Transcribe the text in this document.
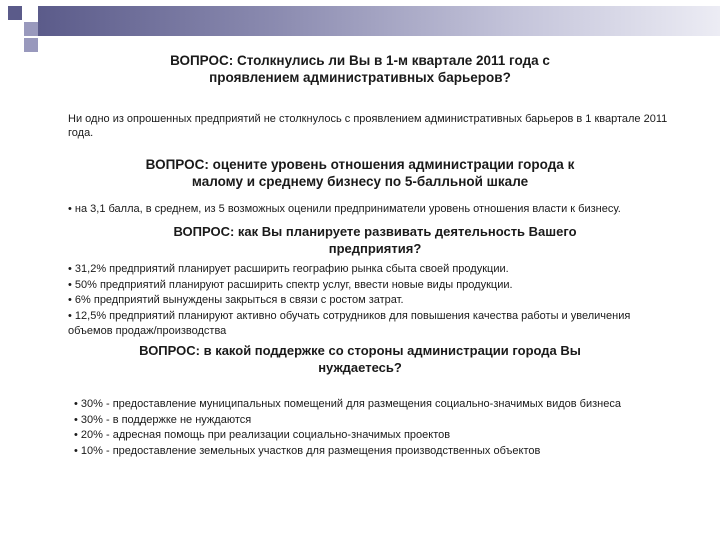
ВОПРОС: Столкнулись ли Вы в 1-м квартале 2011 года с проявлением административных барьеров?
Ни одно из опрошенных предприятий не столкнулось с проявлением административных барьеров в 1 квартале 2011 года.
ВОПРОС: оцените уровень отношения администрации города к малому и среднему бизнесу по 5-балльной шкале
• на 3,1 балла, в среднем, из 5 возможных оценили предприниматели уровень отношения власти к бизнесу.
ВОПРОС: как Вы планируете развивать деятельность Вашего предприятия?
• 31,2% предприятий планирует расширить географию рынка сбыта своей продукции.
• 50% предприятий планируют расширить спектр услуг, ввести новые виды продукции.
• 6% предприятий вынуждены закрыться в связи с ростом затрат.
• 12,5% предприятий планируют активно обучать сотрудников для повышения качества работы и увеличения объемов продаж/производства
ВОПРОС: в какой поддержке со стороны администрации города Вы нуждаетесь?
• 30% - предоставление муниципальных помещений для размещения социально-значимых видов бизнеса
• 30% - в поддержке не нуждаются
• 20% - адресная помощь при реализации социально-значимых проектов
• 10% - предоставление земельных участков для размещения производственных объектов
